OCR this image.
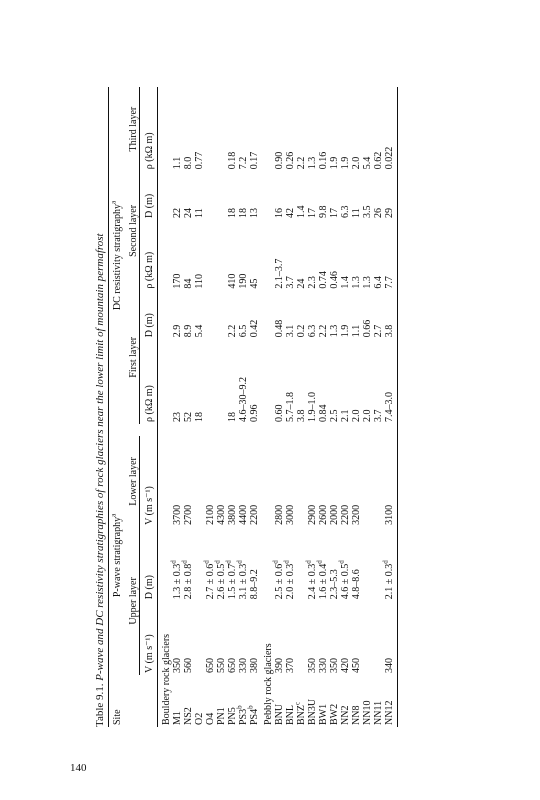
140
Table 9.1. P-wave and DC resistivity stratigraphies of rock glaciers near the lower limit of mountain permafrost
Site	P-wave stratigraphy$^a$				DC resistivity stratigraphy$^a$
	Upper layer		Lower layer		First layer		Second layer		Third layer
	V (m s⁻¹)	D (m)	V (m s⁻¹)		ρ (kΩ m)	D (m)	ρ (kΩ m)	D (m)	ρ (kΩ m)

Bouldery rock glaciers									
M1	350	1.3 ± 0.3$^d$	3700		23	2.9	170	22	1.1
NS2	560	2.8 ± 0.8$^d$	2700		52	8.9	84	24	8.0
O2					18	5.4	110	11	0.77
O4	650	2.7 ± 0.6$^d$	2100						
PN1	550	2.6 ± 0.5$^d$	4300						
PN5	650	1.5 ± 0.7$^d$	3800		18	2.2	410	18	0.18
PS3$^b$	330	3.1 ± 0.3$^d$	4400		4.6–30–9.2	6.5	190	18	7.2
PS4$^b$	380	8.8–9.2	2200		0.96	0.42	45	13	0.17
Pebbly rock glaciers									
BNU	390	2.5 ± 0.6$^d$	2800		0.60	0.48	2.1–3.7	16	0.90
BNL	370	2.0 ± 0.3$^d$	3000		5.7–1.8	3.1	3.7	42	0.26
BNZ$^c$					3.8	0.2	24	1.4	2.2
BN3U	350	2.4 ± 0.3$^d$	2900		1.9–1.0	6.3	2.3	17	1.3
BW1	330	1.6 ± 0.4$^d$	2600		0.84	2.2	0.74	9.8	0.16
BW2	350	2.3–5.3	2000		2.5	1.3	0.46	17	1.9
NN2	420	4.6 ± 0.5$^d$	2200		2.1	1.9	1.4	6.3	1.9
NN8	450	4.8–8.6	3200		2.0	1.1	1.3	11	2.0
NN10					2.0	0.66	1.3	3.5	5.4
NN11					3.7	2.7	6.4	26	0.62
NN12	340	2.1 ± 0.3$^d$	3100		7.4–3.0	3.8	7.7	29	0.022
